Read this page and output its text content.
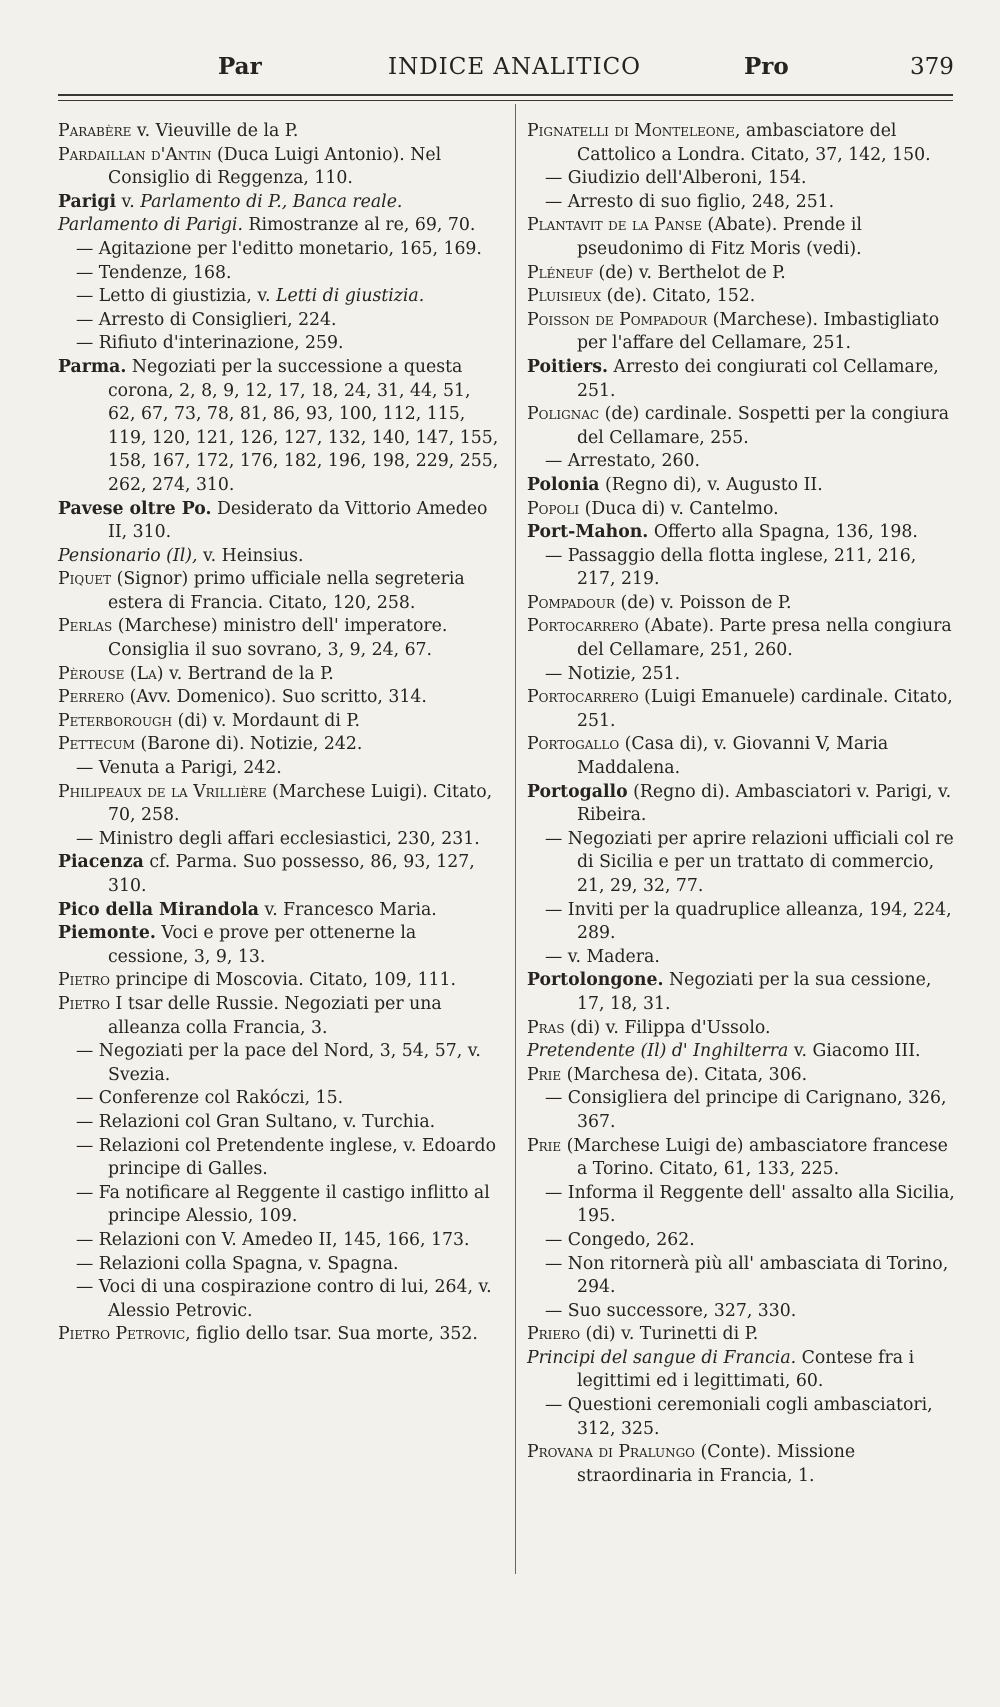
Par	INDICE ANALITICO	Pro	379
Parabère v. Vieuville de la P.
Pardaillan d'Antin (Duca Luigi Antonio). Nel Consiglio di Reggenza, 110.
Parigi v. Parlamento di P., Banca reale.
Parlamento di Parigi. Rimostranze al re, 69, 70.
— Agitazione per l'editto monetario, 165, 169.
— Tendenze, 168.
— Letto di giustizia, v. Letti di giustizia.
— Arresto di Consiglieri, 224.
— Rifiuto d'interinazione, 259.
Parma. Negoziati per la successione a questa corona, 2, 8, 9, 12, 17, 18, 24, 31, 44, 51, 62, 67, 73, 78, 81, 86, 93, 100, 112, 115, 119, 120, 121, 126, 127, 132, 140, 147, 155, 158, 167, 172, 176, 182, 196, 198, 229, 255, 262, 274, 310.
Pavese oltre Po. Desiderato da Vittorio Amedeo II, 310.
Pensionario (Il), v. Heinsius.
Piquet (Signor) primo ufficiale nella segreteria estera di Francia. Citato, 120, 258.
Perlas (Marchese) ministro dell' imperatore. Consiglia il suo sovrano, 3, 9, 24, 67.
Pèrouse (La) v. Bertrand de la P.
Perrero (Avv. Domenico). Suo scritto, 314.
Peterborough (di) v. Mordaunt di P.
Pettecum (Barone di). Notizie, 242.
— Venuta a Parigi, 242.
Philipeaux de la Vrillière (Marchese Luigi). Citato, 70, 258.
— Ministro degli affari ecclesiastici, 230, 231.
Piacenza cf. Parma. Suo possesso, 86, 93, 127, 310.
Pico della Mirandola v. Francesco Maria.
Piemonte. Voci e prove per ottenerne la cessione, 3, 9, 13.
Pietro principe di Moscovia. Citato, 109, 111.
Pietro I tsar delle Russie. Negoziati per una alleanza colla Francia, 3.
— Negoziati per la pace del Nord, 3, 54, 57, v. Svezia.
— Conferenze col Rakóczi, 15.
— Relazioni col Gran Sultano, v. Turchia.
— Relazioni col Pretendente inglese, v. Edoardo principe di Galles.
— Fa notificare al Reggente il castigo inflitto al principe Alessio, 109.
— Relazioni con V. Amedeo II, 145, 166, 173.
— Relazioni colla Spagna, v. Spagna.
— Voci di una cospirazione contro di lui, 264, v. Alessio Petrovic.
Pietro Petrovic, figlio dello tsar. Sua morte, 352.
Pignatelli di Monteleone, ambasciatore del Cattolico a Londra. Citato, 37, 142, 150.
— Giudizio dell'Alberoni, 154.
— Arresto di suo figlio, 248, 251.
Plantavit de la Panse (Abate). Prende il pseudonimo di Fitz Moris (vedi).
Pléneuf (de) v. Berthelot de P.
Pluisieux (de). Citato, 152.
Poisson de Pompadour (Marchese). Imbastigliato per l'affare del Cellamare, 251.
Poitiers. Arresto dei congiurati col Cellamare, 251.
Polignac (de) cardinale. Sospetti per la congiura del Cellamare, 255.
— Arrestato, 260.
Polonia (Regno di), v. Augusto II.
Popoli (Duca di) v. Cantelmo.
Port-Mahon. Offerto alla Spagna, 136, 198.
— Passaggio della flotta inglese, 211, 216, 217, 219.
Pompadour (de) v. Poisson de P.
Portocarrero (Abate). Parte presa nella congiura del Cellamare, 251, 260.
— Notizie, 251.
Portocarrero (Luigi Emanuele) cardinale. Citato, 251.
Portogallo (Casa di), v. Giovanni V, Maria Maddalena.
Portogallo (Regno di). Ambasciatori v. Parigi, v. Ribeira.
— Negoziati per aprire relazioni ufficiali col re di Sicilia e per un trattato di commercio, 21, 29, 32, 77.
— Inviti per la quadruplice alleanza, 194, 224, 289.
— v. Madera.
Portolongone. Negoziati per la sua cessione, 17, 18, 31.
Pras (di) v. Filippa d'Ussolo.
Pretendente (Il) d' Inghilterra v. Giacomo III.
Prie (Marchesa de). Citata, 306.
— Consigliera del principe di Carignano, 326, 367.
Prie (Marchese Luigi de) ambasciatore francese a Torino. Citato, 61, 133, 225.
— Informa il Reggente dell' assalto alla Sicilia, 195.
— Congedo, 262.
— Non ritornerà più all' ambasciata di Torino, 294.
— Suo successore, 327, 330.
Priero (di) v. Turinetti di P.
Principi del sangue di Francia. Contese fra i legittimi ed i legittimati, 60.
— Questioni ceremoniali cogli ambasciatori, 312, 325.
Provana di Pralungo (Conte). Missione straordinaria in Francia, 1.
